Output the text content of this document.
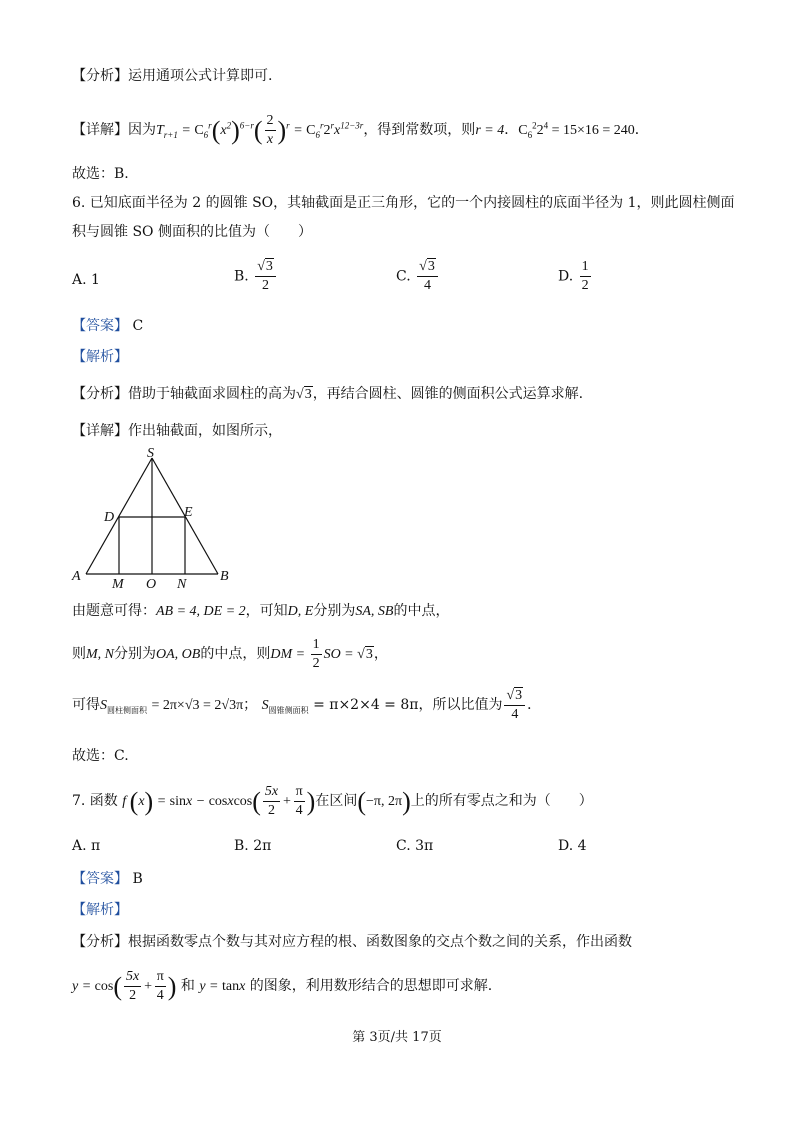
【分析】运用通项公式计算即可.
【详解】因为$T_{r+1} = C_6^r(x^2)^{6-r}( \frac{2}{x} )^r = C_6^r2^rx^{12-3r}$，得到常数项，则r = 4．$C_6^22^4 = 15\times 16 = 240$．
故选：B.
6. 已知底面半径为 2 的圆锥 SO，其轴截面是正三角形，它的一个内接圆柱的底面半径为 1，则此圆柱侧面
积与圆锥 SO 侧面积的比值为（　　）
A. 1	B. $\frac{√3}{2}$	C. $\frac{√3}{4}$	D. $\frac{1}{2}$
【答案】 C
【解析】
【分析】借助于轴截面求圆柱的高为√3，再结合圆柱、圆锥的侧面积公式运算求解.
【详解】作出轴截面，如图所示，
S
D	E
A
M O N
B
由题意可得：AB = 4, DE = 2，可知D, E分别为SA, SB的中点，
则M, N分别为OA, OB的中点，则DM = $\frac{1}{2}$ SO = √3，
可得$S_{圆柱侧面积} = 2\pi\times√3 = 2√3\pi$； $S_{圆锥侧面积} = \pi\times 2\times 4 = 8\pi$，所以比值为 $\frac{√3}{4}$ ．
故选：C.
7. 函数 f (x) = sinx − cosxcos( $\frac{5x}{2} + \frac{\pi}{4}$ )在区间(−π, 2π)上的所有零点之和为（　　）
A. π	B. 2π	C. 3π	D. 4
【答案】 B
【解析】
【分析】根据函数零点个数与其对应方程的根、函数图象的交点个数之间的关系，作出函数
$y = \cos( \frac{5x}{2} + \frac{\pi}{4}$ ) 和 y = tanx 的图象，利用数形结合的思想即可求解.
第 3页/共 17页
